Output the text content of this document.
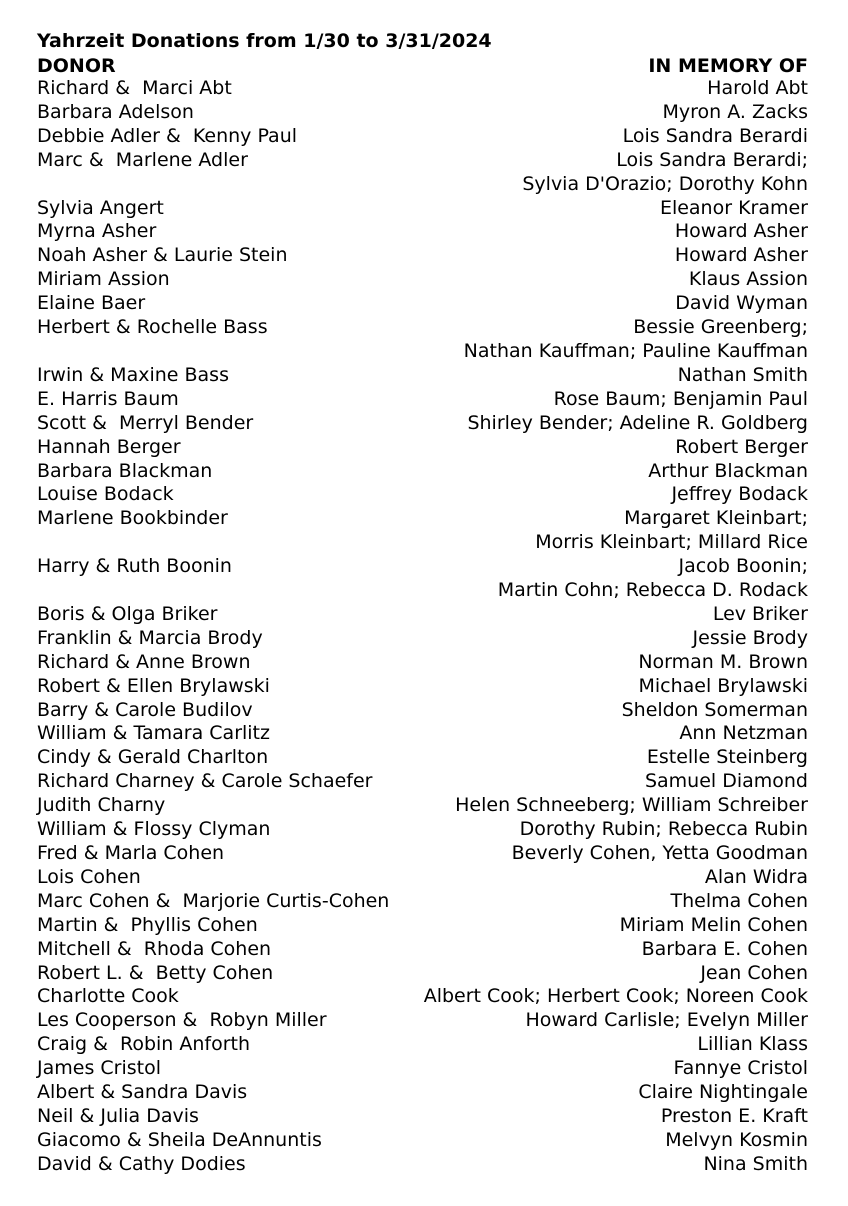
Yahrzeit Donations from 1/30 to 3/31/2024
DONOR	IN MEMORY OF
Richard &  Marci Abt	Harold Abt
Barbara Adelson	Myron A. Zacks
Debbie Adler &  Kenny Paul	Lois Sandra Berardi
Marc &  Marlene Adler	Lois Sandra Berardi;
Sylvia D'Orazio; Dorothy Kohn
Sylvia Angert	Eleanor Kramer
Myrna Asher	Howard Asher
Noah Asher & Laurie Stein	Howard Asher
Miriam Assion	Klaus Assion
Elaine Baer	David Wyman
Herbert & Rochelle Bass	Bessie Greenberg;
Nathan Kauffman; Pauline Kauffman
Irwin & Maxine Bass	Nathan Smith
E. Harris Baum	Rose Baum; Benjamin Paul
Scott &  Merryl Bender	Shirley Bender; Adeline R. Goldberg
Hannah Berger	Robert Berger
Barbara Blackman	Arthur Blackman
Louise Bodack	Jeffrey Bodack
Marlene Bookbinder	Margaret Kleinbart;
Morris Kleinbart; Millard Rice
Harry & Ruth Boonin	Jacob Boonin;
Martin Cohn; Rebecca D. Rodack
Boris & Olga Briker	Lev Briker
Franklin & Marcia Brody	Jessie Brody
Richard & Anne Brown	Norman M. Brown
Robert & Ellen Brylawski	Michael Brylawski
Barry & Carole Budilov	Sheldon Somerman
William & Tamara Carlitz	Ann Netzman
Cindy & Gerald Charlton	Estelle Steinberg
Richard Charney & Carole Schaefer	Samuel Diamond
Judith Charny	Helen Schneeberg; William Schreiber
William & Flossy Clyman	Dorothy Rubin; Rebecca Rubin
Fred & Marla Cohen	Beverly Cohen, Yetta Goodman
Lois Cohen	Alan Widra
Marc Cohen &  Marjorie Curtis-Cohen	Thelma Cohen
Martin &  Phyllis Cohen	Miriam Melin Cohen
Mitchell &  Rhoda Cohen	Barbara E. Cohen
Robert L. &  Betty Cohen	Jean Cohen
Charlotte Cook	Albert Cook; Herbert Cook; Noreen Cook
Les Cooperson &  Robyn Miller	Howard Carlisle; Evelyn Miller
Craig &  Robin Anforth	Lillian Klass
James Cristol	Fannye Cristol
Albert & Sandra Davis	Claire Nightingale
Neil & Julia Davis	Preston E. Kraft
Giacomo & Sheila DeAnnuntis	Melvyn Kosmin
David & Cathy Dodies	Nina Smith
